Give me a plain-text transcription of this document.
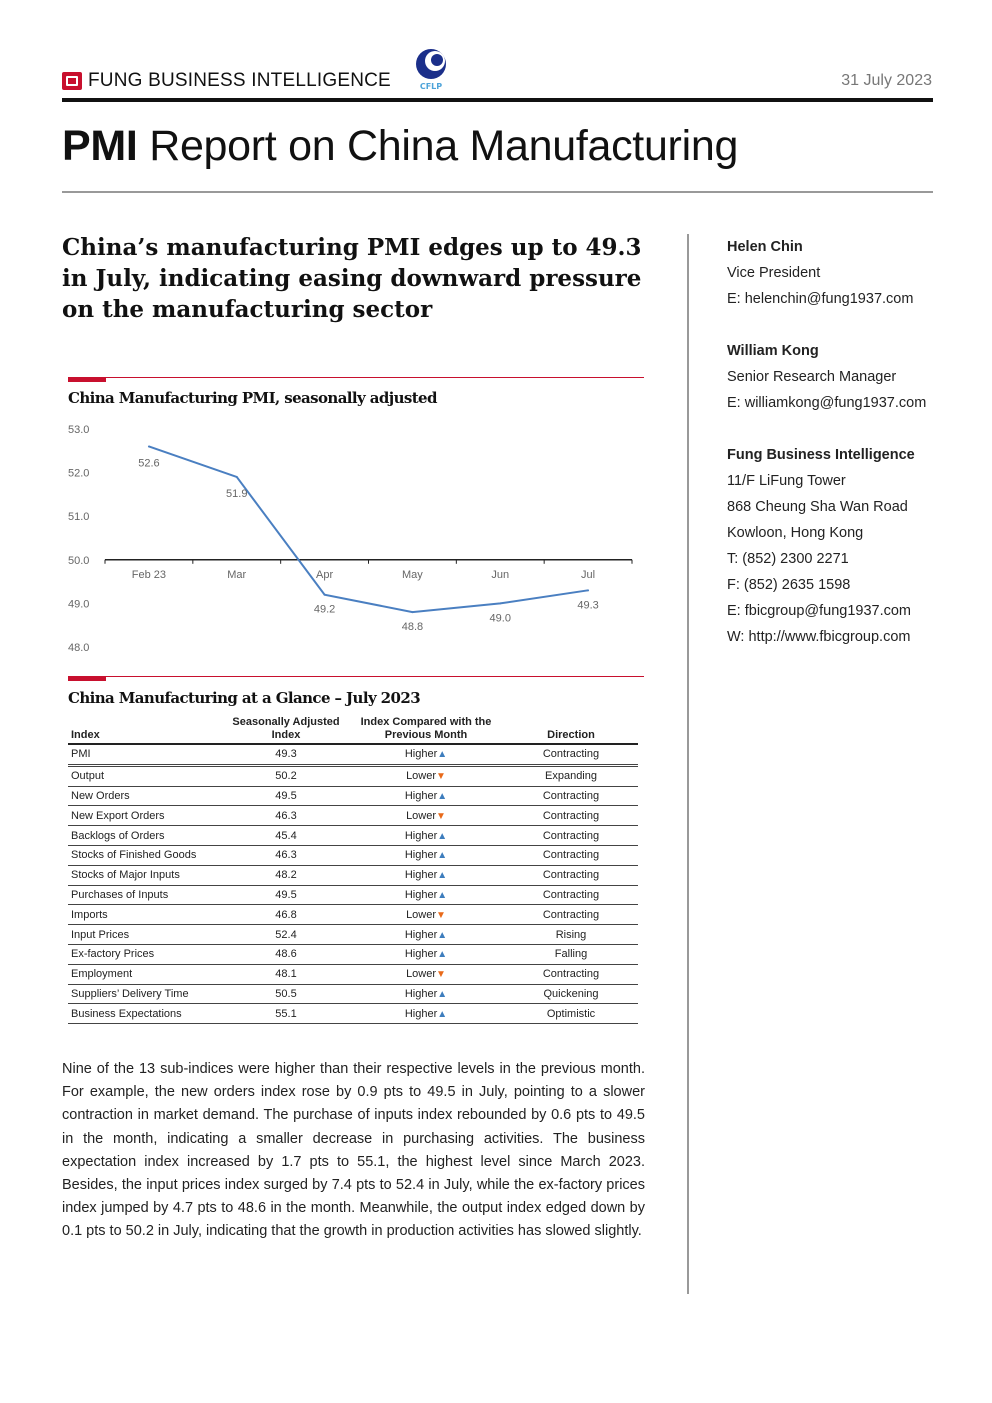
FUNG BUSINESS INTELLIGENCE	CFLP	31 July 2023
PMI Report on China Manufacturing
China’s manufacturing PMI edges up to 49.3 in July, indicating easing downward pressure on the manufacturing sector
Helen Chin
Vice President
E: helenchin@fung1937.com
William Kong
Senior Research Manager
E: williamkong@fung1937.com
Fung Business Intelligence
11/F LiFung Tower
868 Cheung Sha Wan Road
Kowloon, Hong Kong
T: (852) 2300 2271
F: (852) 2635 1598
E: fbicgroup@fung1937.com
W: http://www.fbicgroup.com
China Manufacturing PMI, seasonally adjusted
53.0
52.0
51.0
50.0
49.0
48.0
Feb 23	Mar	Apr	May	Jun	Jul
52.6
51.9
49.2
48.8
49.0
49.3
China Manufacturing at a Glance – July 2023
Index	Seasonally Adjusted Index	Index Compared with the Previous Month	Direction
PMI	49.3	Higher▲	Contracting
Output	50.2	Lower▼	Expanding
New Orders	49.5	Higher▲	Contracting
New Export Orders	46.3	Lower▼	Contracting
Backlogs of Orders	45.4	Higher▲	Contracting
Stocks of Finished Goods	46.3	Higher▲	Contracting
Stocks of Major Inputs	48.2	Higher▲	Contracting
Purchases of Inputs	49.5	Higher▲	Contracting
Imports	46.8	Lower▼	Contracting
Input Prices	52.4	Higher▲	Rising
Ex-factory Prices	48.6	Higher▲	Falling
Employment	48.1	Lower▼	Contracting
Suppliers’ Delivery Time	50.5	Higher▲	Quickening
Business Expectations	55.1	Higher▲	Optimistic
Nine of the 13 sub-indices were higher than their respective levels in the previous month. For example, the new orders index rose by 0.9 pts to 49.5 in July, pointing to a slower contraction in market demand. The purchase of inputs index rebounded by 0.6 pts to 49.5 in the month, indicating a smaller decrease in purchasing activities. The business expectation index increased by 1.7 pts to 55.1, the highest level since March 2023. Besides, the input prices index surged by 7.4 pts to 52.4 in July, while the ex-factory prices index jumped by 4.7 pts to 48.6 in the month. Meanwhile, the output index edged down by 0.1 pts to 50.2 in July, indicating that the growth in production activities has slowed slightly.
